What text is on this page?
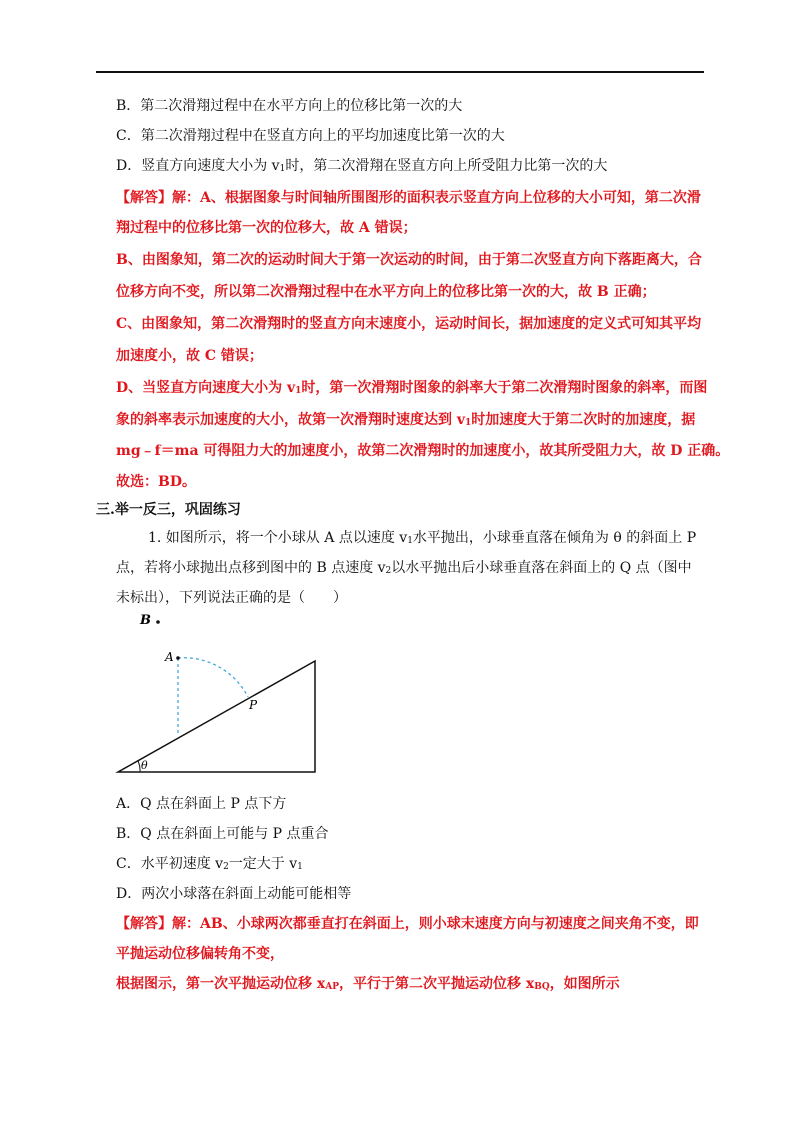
B．第二次滑翔过程中在水平方向上的位移比第一次的大
C．第二次滑翔过程中在竖直方向上的平均加速度比第一次的大
D．竖直方向速度大小为 $v_1$时，第二次滑翔在竖直方向上所受阻力比第一次的大
【解答】解：A、根据图象与时间轴所围图形的面积表示竖直方向上位移的大小可知，第二次滑
翔过程中的位移比第一次的位移大，故 A 错误；
B、由图象知，第二次的运动时间大于第一次运动的时间，由于第二次竖直方向下落距离大，合
位移方向不变，所以第二次滑翔过程中在水平方向上的位移比第一次的大，故 B 正确；
C、由图象知，第二次滑翔时的竖直方向末速度小，运动时间长，据加速度的定义式可知其平均
加速度小，故 C 错误；
D、当竖直方向速度大小为 $v_1$时，第一次滑翔时图象的斜率大于第二次滑翔时图象的斜率，而图
象的斜率表示加速度的大小，故第一次滑翔时速度达到 $v_1$时加速度大于第二次时的加速度，据
mg﹣f＝ma 可得阻力大的加速度小，故第二次滑翔时的加速度小，故其所受阻力大，故 D 正确。
故选：BD。
三.举一反三，巩固练习
1. 如图所示，将一个小球从 A 点以速度 $v_1$水平抛出，小球垂直落在倾角为 θ 的斜面上 P
点，若将小球抛出点移到图中的 B 点速度 $v_2$以水平抛出后小球垂直落在斜面上的 Q 点（图中
未标出），下列说法正确的是（　　）
B
A
P
θ
A．Q 点在斜面上 P 点下方
B．Q 点在斜面上可能与 P 点重合
C．水平初速度 $v_2$一定大于 $v_1$
D．两次小球落在斜面上动能可能相等
【解答】解：AB、小球两次都垂直打在斜面上，则小球末速度方向与初速度之间夹角不变，即
平抛运动位移偏转角不变，
根据图示，第一次平抛运动位移 $x_{AP}$，平行于第二次平抛运动位移 $x_{BQ}$，如图所示
